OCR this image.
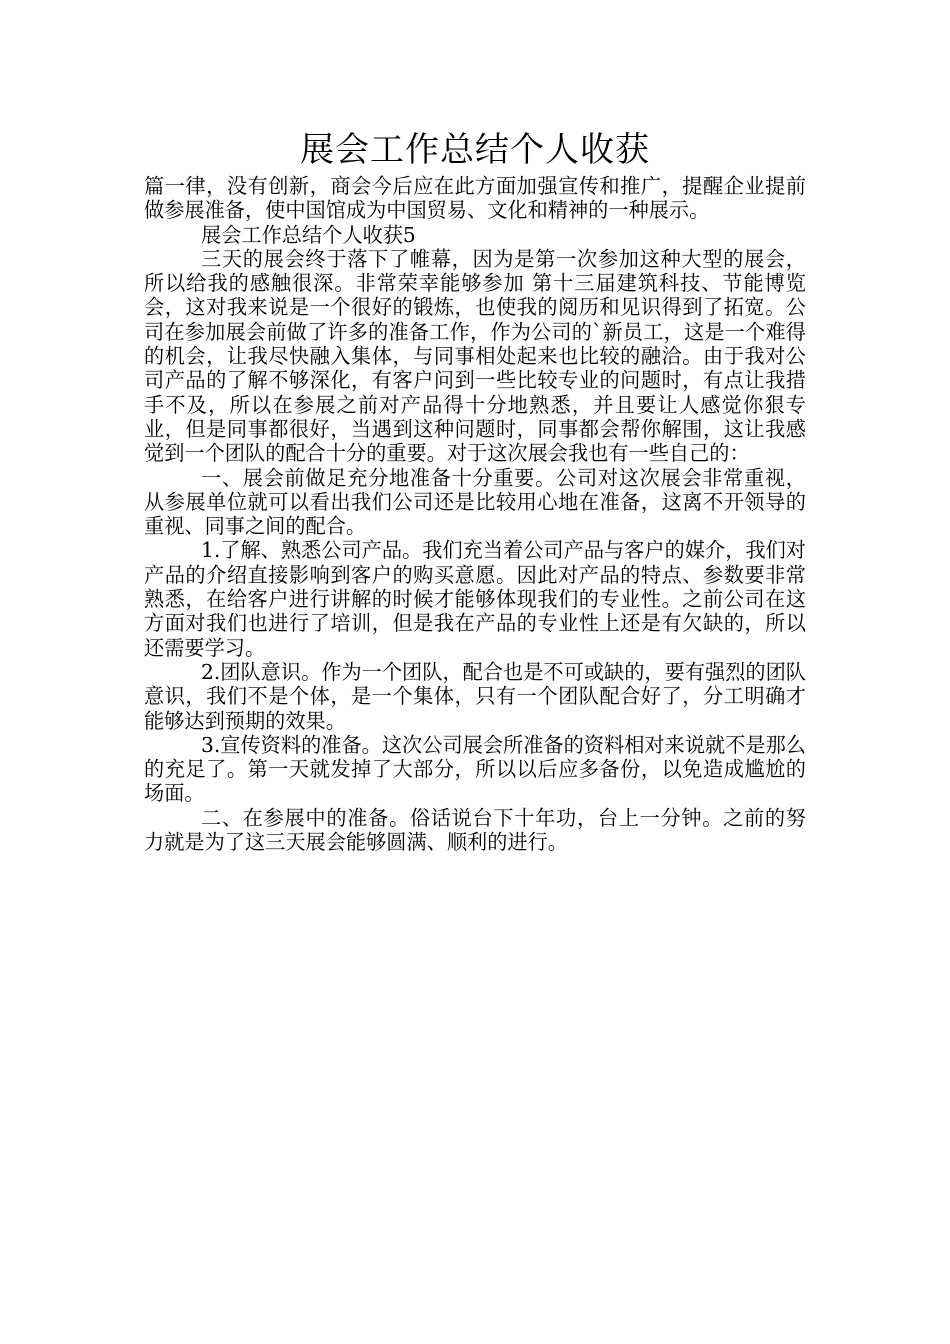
展会工作总结个人收获

篇一律，没有创新，商会今后应在此方面加强宣传和推广，提醒企业提前做参展准备，使中国馆成为中国贸易、文化和精神的一种展示。

展会工作总结个人收获5

三天的展会终于落下了帷幕，因为是第一次参加这种大型的展会，所以给我的感触很深。非常荣幸能够参加 第十三届建筑科技、节能博览会，这对我来说是一个很好的锻炼，也使我的阅历和见识得到了拓宽。公司在参加展会前做了许多的准备工作，作为公司的`新员工，这是一个难得的机会，让我尽快融入集体，与同事相处起来也比较的融洽。由于我对公司产品的了解不够深化，有客户问到一些比较专业的问题时，有点让我措手不及，所以在参展之前对产品得十分地熟悉，并且要让人感觉你狠专业，但是同事都很好，当遇到这种问题时，同事都会帮你解围，这让我感觉到一个团队的配合十分的重要。对于这次展会我也有一些自己的：

一、展会前做足充分地准备十分重要。公司对这次展会非常重视，从参展单位就可以看出我们公司还是比较用心地在准备，这离不开领导的重视、同事之间的配合。

1.了解、熟悉公司产品。我们充当着公司产品与客户的媒介，我们对产品的介绍直接影响到客户的购买意愿。因此对产品的特点、参数要非常熟悉，在给客户进行讲解的时候才能够体现我们的专业性。之前公司在这方面对我们也进行了培训，但是我在产品的专业性上还是有欠缺的，所以还需要学习。

2.团队意识。作为一个团队，配合也是不可或缺的，要有强烈的团队意识，我们不是个体，是一个集体，只有一个团队配合好了，分工明确才能够达到预期的效果。

3.宣传资料的准备。这次公司展会所准备的资料相对来说就不是那么的充足了。第一天就发掉了大部分，所以以后应多备份，以免造成尴尬的场面。

二、在参展中的准备。俗话说台下十年功，台上一分钟。之前的努力就是为了这三天展会能够圆满、顺利的进行。
